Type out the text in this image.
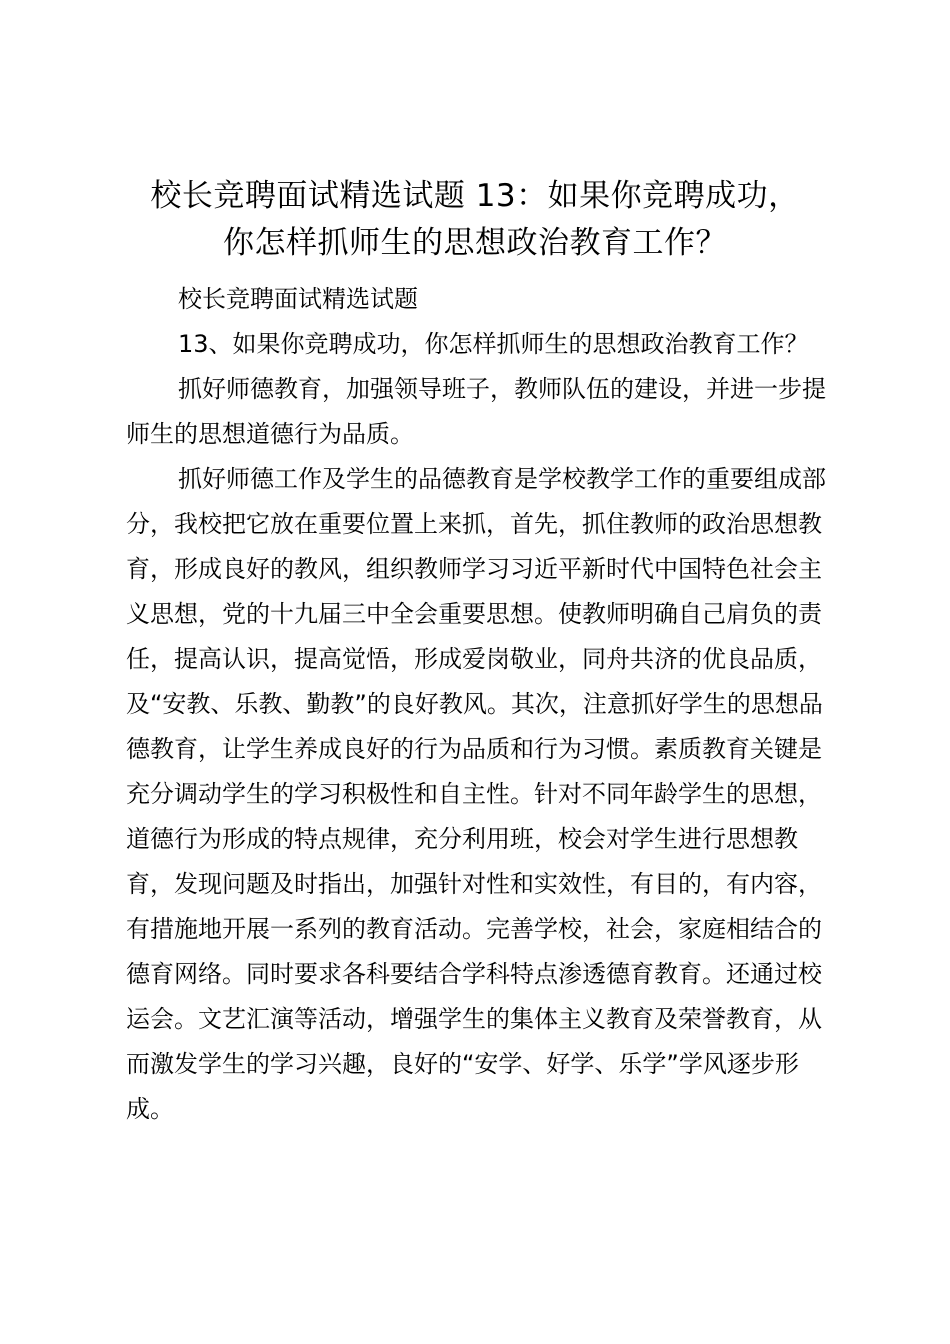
校长竞聘面试精选试题 13：如果你竞聘成功，
你怎样抓师生的思想政治教育工作？

校长竞聘面试精选试题

13、如果你竞聘成功，你怎样抓师生的思想政治教育工作？

抓好师德教育，加强领导班子，教师队伍的建设，并进一步提师生的思想道德行为品质。

抓好师德工作及学生的品德教育是学校教学工作的重要组成部分，我校把它放在重要位置上来抓，首先，抓住教师的政治思想教育，形成良好的教风，组织教师学习习近平新时代中国特色社会主义思想，党的十九届三中全会重要思想。使教师明确自己肩负的责任，提高认识，提高觉悟，形成爱岗敬业，同舟共济的优良品质，及“安教、乐教、勤教”的良好教风。其次，注意抓好学生的思想品德教育，让学生养成良好的行为品质和行为习惯。素质教育关键是充分调动学生的学习积极性和自主性。针对不同年龄学生的思想，道德行为形成的特点规律，充分利用班，校会对学生进行思想教育，发现问题及时指出，加强针对性和实效性，有目的，有内容，有措施地开展一系列的教育活动。完善学校，社会，家庭相结合的德育网络。同时要求各科要结合学科特点渗透德育教育。还通过校运会。文艺汇演等活动，增强学生的集体主义教育及荣誉教育，从而激发学生的学习兴趣，良好的“安学、好学、乐学”学风逐步形成。
